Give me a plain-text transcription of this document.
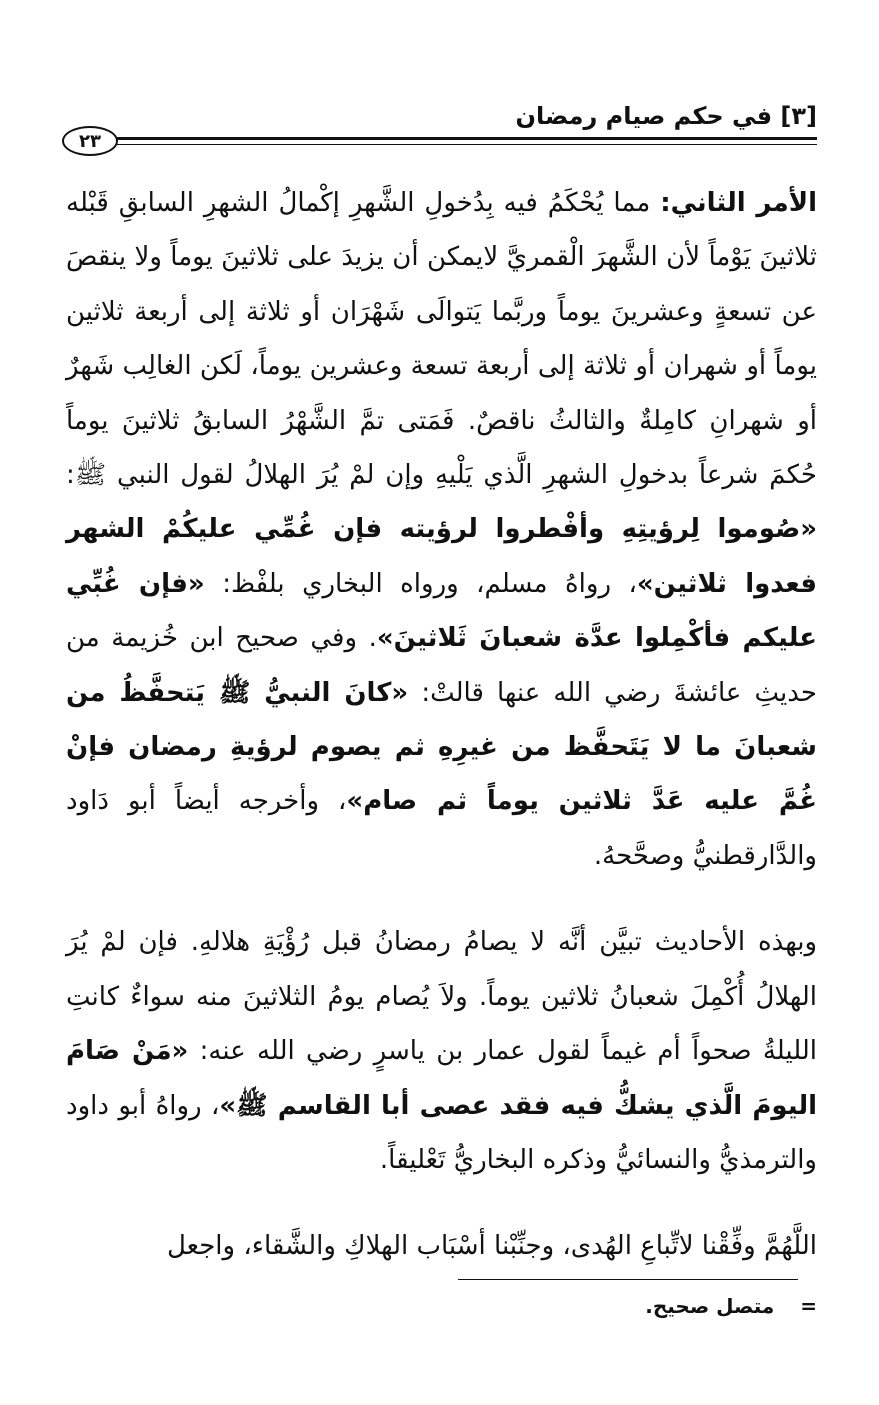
[٣] في حكم صيام رمضان
٢٣

الأمر الثاني: مما يُحْكَمُ فيه بِدُخولِ الشَّهرِ إكْمالُ الشهرِ السابقِ قَبْله ثلاثينَ يَوْماً لأن الشَّهرَ الْقمريَّ لايمكن أن يزيدَ على ثلاثينَ يوماً ولا ينقصَ عن تسعةٍ وعشرينَ يوماً وربَّما يَتوالَى شَهْرَان أو ثلاثة إلى أربعة ثلاثين يوماً أو شهران أو ثلاثة إلى أربعة تسعة وعشرين يوماً، لَكن الغالِب شَهرٌ أو شهرانِ كامِلةٌ والثالثُ ناقصٌ. فَمَتى تمَّ الشَّهْرُ السابقُ ثلاثينَ يوماً حُكمَ شرعاً بدخولِ الشهرِ الَّذي يَلْيهِ وإن لمْ يُرَ الهلالُ لقول النبي ﷺ: «صُوموا لِرؤيتِهِ وأفْطروا لرؤيته فإن غُمِّي عليكُمْ الشهر فعدوا ثلاثين»، رواهُ مسلم، ورواه البخاري بلفْظ: «فإن غُبِّي عليكم فأكْمِلوا عدَّة شعبانَ ثَلاثينَ». وفي صحيح ابن خُزيمة من حديثِ عائشةَ رضي الله عنها قالتْ: «كانَ النبيُّ ﷺ يَتحفَّظُ من شعبانَ ما لا يَتَحفَّظ من غيرِهِ ثم يصوم لرؤيةِ رمضان فإنْ غُمَّ عليه عَدَّ ثلاثين يوماً ثم صام»، وأخرجه أيضاً أبو دَاود والدَّارقطنيُّ وصحَّحهُ.

وبهذه الأحاديث تبيَّن أنَّه لا يصامُ رمضانُ قبل رُؤْيَةِ هلالهِ. فإن لمْ يُرَ الهلالُ أُكْمِلَ شعبانُ ثلاثين يوماً. ولاَ يُصام يومُ الثلاثينَ منه سواءٌ كانتِ الليلةُ صحواً أم غيماً لقول عمار بن ياسرٍ رضي الله عنه: «مَنْ صَامَ اليومَ الَّذي يشكُّ فيه فقد عصى أبا القاسم ﷺ»، رواهُ أبو داود والترمذيُّ والنسائيُّ وذكره البخاريُّ تَعْليقاً.

اللَّهُمَّ وفِّقْنا لاتِّباعِ الهُدى، وجنِّبْنا أسْبَاب الهلاكِ والشَّقاء، واجعل

=متصل صحيح.
